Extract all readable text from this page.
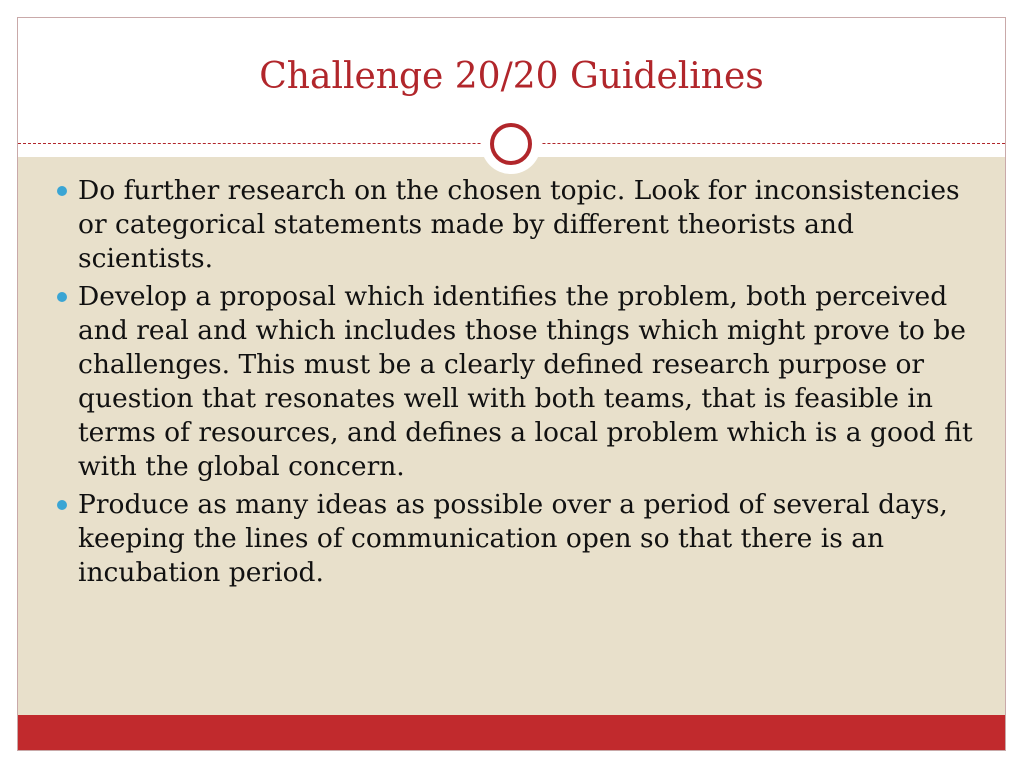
Challenge 20/20 Guidelines
Do further research on the chosen topic. Look for inconsistencies or categorical statements made by different theorists and scientists.
Develop a proposal which identifies the problem, both perceived and real and which includes those things which might prove to be challenges. This must be a clearly defined research purpose or question that resonates well with both teams, that is feasible in terms of resources, and defines a local problem which is a good fit with the global concern.
Produce as many ideas as possible over a period of several days, keeping the lines of communication open so that there is an incubation period.
